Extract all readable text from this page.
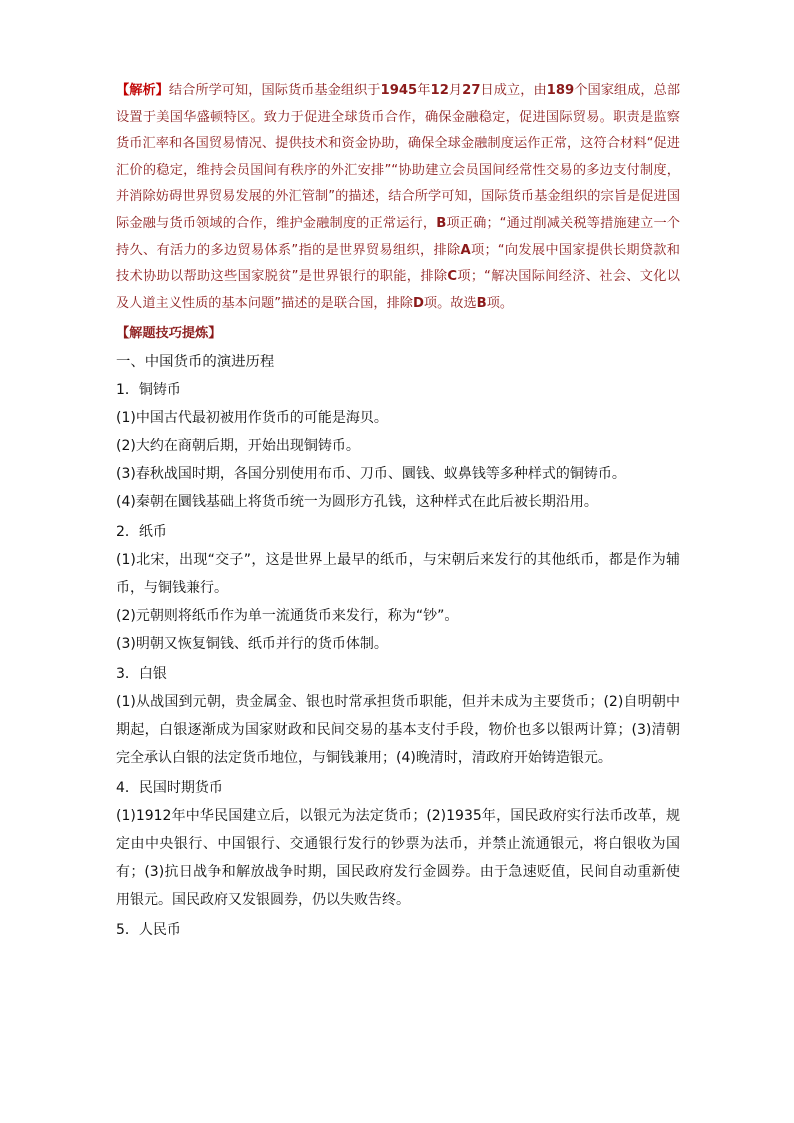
【解析】结合所学可知，国际货币基金组织于1945年12月27日成立，由189个国家组成，总部设置于美国华盛顿特区。致力于促进全球货币合作，确保金融稳定，促进国际贸易。职责是监察货币汇率和各国贸易情况、提供技术和资金协助，确保全球金融制度运作正常，这符合材料“促进汇价的稳定，维持会员国间有秩序的外汇安排”“协助建立会员国间经常性交易的多边支付制度，并消除妨碍世界贸易发展的外汇管制”的描述，结合所学可知，国际货币基金组织的宗旨是促进国际金融与货币领域的合作，维护金融制度的正常运行，B项正确；“通过削减关税等措施建立一个持久、有活力的多边贸易体系”指的是世界贸易组织，排除A项；“向发展中国家提供长期贷款和技术协助以帮助这些国家脱贫”是世界银行的职能，排除C项；“解决国际间经济、社会、文化以及人道主义性质的基本问题”描述的是联合国，排除D项。故选B项。

【解题技巧提炼】

一、中国货币的演进历程

1．铜铸币

(1)中国古代最初被用作货币的可能是海贝。

(2)大约在商朝后期，开始出现铜铸币。

(3)春秋战国时期，各国分别使用布币、刀币、圜钱、蚁鼻钱等多种样式的铜铸币。

(4)秦朝在圜钱基础上将货币统一为圆形方孔钱，这种样式在此后被长期沿用。

2．纸币

(1)北宋，出现“交子”，这是世界上最早的纸币，与宋朝后来发行的其他纸币，都是作为辅币，与铜钱兼行。

(2)元朝则将纸币作为单一流通货币来发行，称为“钞”。

(3)明朝又恢复铜钱、纸币并行的货币体制。

3．白银

(1)从战国到元朝，贵金属金、银也时常承担货币职能，但并未成为主要货币；(2)自明朝中期起，白银逐渐成为国家财政和民间交易的基本支付手段，物价也多以银两计算；(3)清朝完全承认白银的法定货币地位，与铜钱兼用；(4)晚清时，清政府开始铸造银元。

4．民国时期货币

(1)1912年中华民国建立后，以银元为法定货币；(2)1935年，国民政府实行法币改革，规定由中央银行、中国银行、交通银行发行的钞票为法币，并禁止流通银元，将白银收为国有；(3)抗日战争和解放战争时期，国民政府发行金圆券。由于急速贬值，民间自动重新使用银元。国民政府又发银圆券，仍以失败告终。

5．人民币
